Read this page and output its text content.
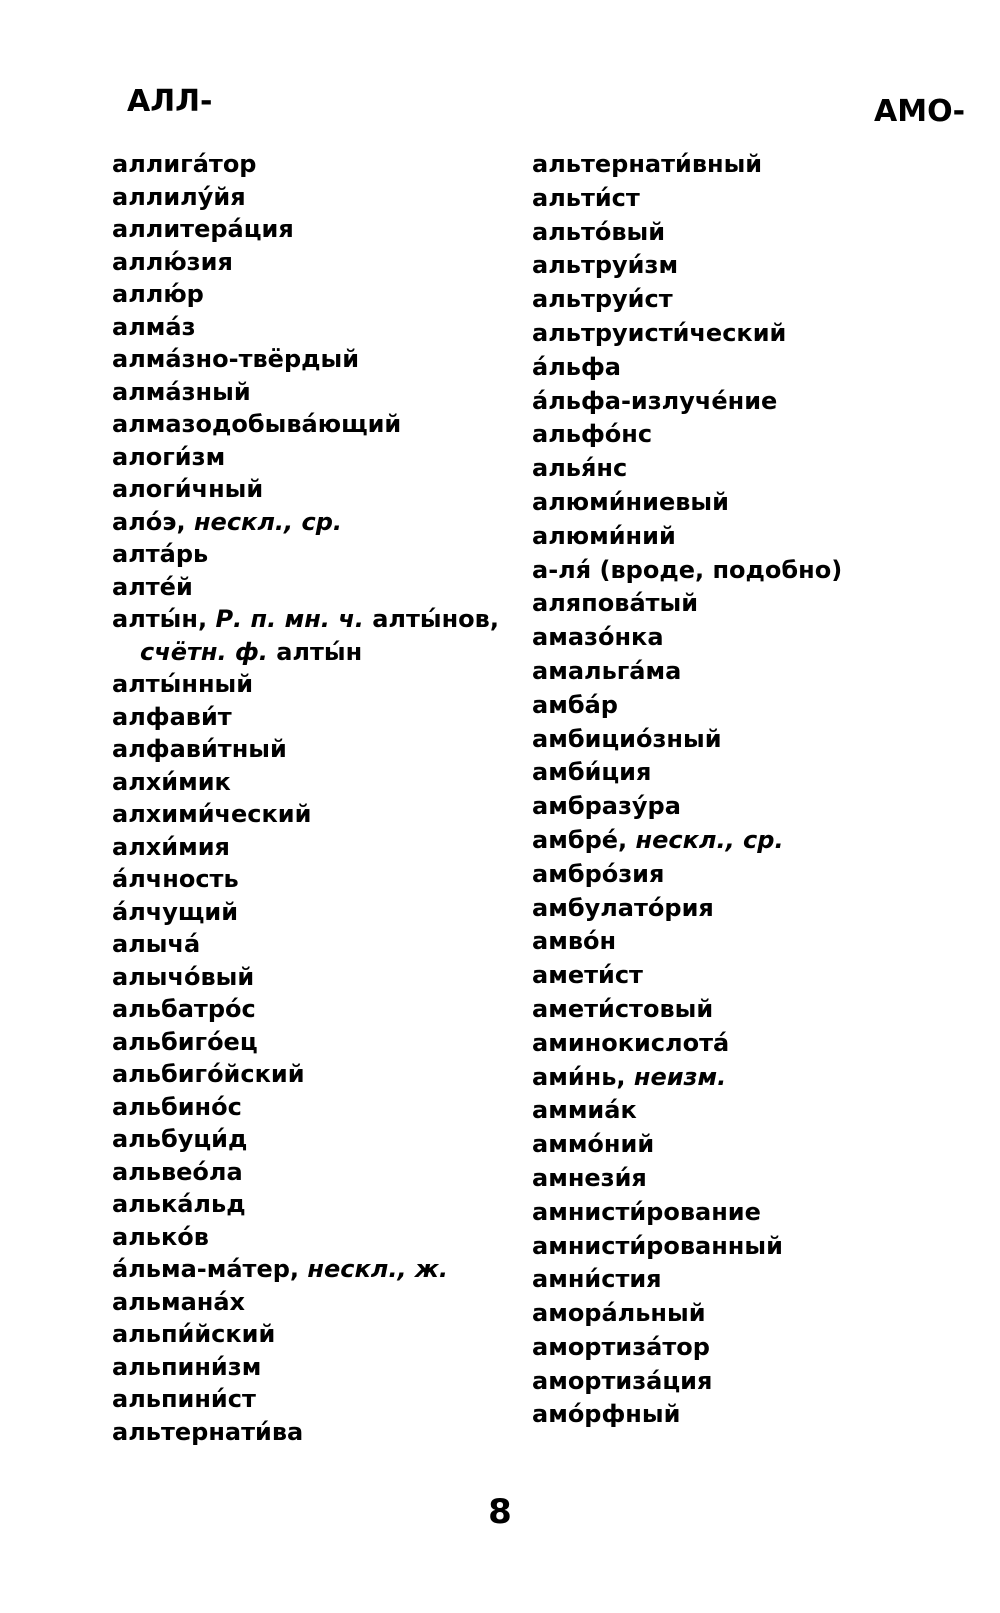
АЛЛ-	АМО-
аллига́тор
аллилу́йя
аллитера́ция
аллю́зия
аллю́р
алма́з
алма́зно-твёрдый
алма́зный
алмазодобыва́ющий
алоги́зм
алоги́чный
ало́э, нескл., ср.
алта́рь
алте́й
алты́н, Р. п. мн. ч. алты́нов,
счётн. ф. алты́н
алты́нный
алфави́т
алфави́тный
алхи́мик
алхими́ческий
алхи́мия
а́лчность
а́лчущий
алыча́
алычо́вый
альбатро́с
альбиго́ец
альбиго́йский
альбино́с
альбуци́д
альвео́ла
алька́льд
алько́в
а́льма-ма́тер, нескл., ж.
альмана́х
альпи́йский
альпини́зм
альпини́ст
альтернати́ва
альтернати́вный
альти́ст
альто́вый
альтруи́зм
альтруи́ст
альтруисти́ческий
а́льфа
а́льфа-излуче́ние
альфо́нс
алья́нс
алюми́ниевый
алюми́ний
а-ля́ (вроде, подобно)
аляпова́тый
амазо́нка
амальга́ма
амба́р
амбицио́зный
амби́ция
амбразу́ра
амбре́, нескл., ср.
амбро́зия
амбулато́рия
амво́н
амети́ст
амети́стовый
аминокислота́
ами́нь, неизм.
аммиа́к
аммо́ний
амнези́я
амнисти́рование
амнисти́рованный
амни́стия
амора́льный
амортиза́тор
амортиза́ция
амо́рфный
8
